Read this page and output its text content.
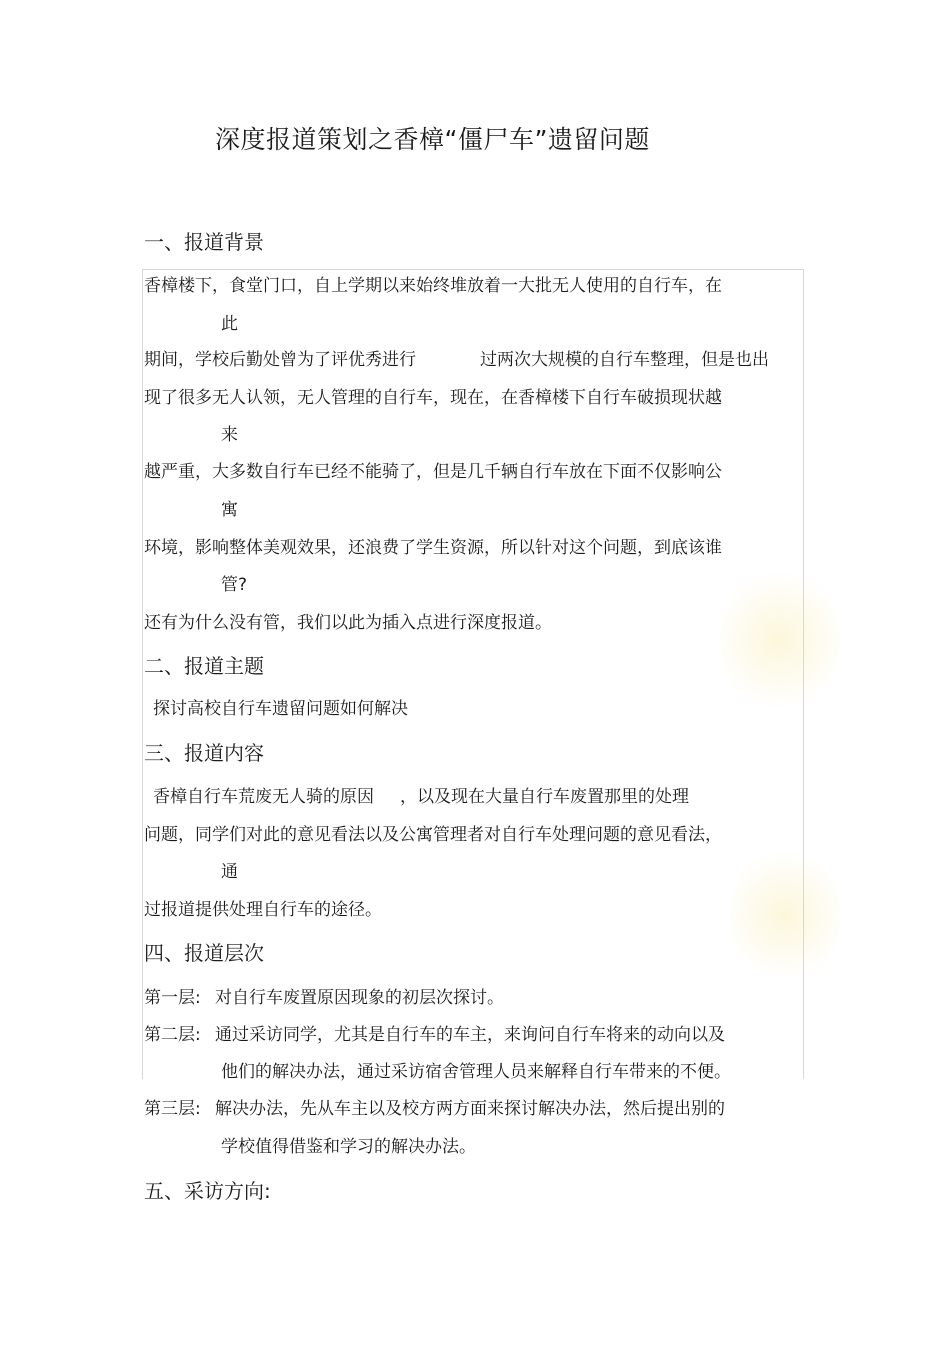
深度报道策划之香樟“僵尸车”遗留问题
一、报道背景
香樟楼下，食堂门口，自上学期以来始终堆放着一大批无人使用的自行车，在
此
期间，学校后勤处曾为了评优秀进行	过两次大规模的自行车整理，但是也出
现了很多无人认领，无人管理的自行车，现在，在香樟楼下自行车破损现状越
来
越严重，大多数自行车已经不能骑了，但是几千辆自行车放在下面不仅影响公
寓
环境，影响整体美观效果，还浪费了学生资源，所以针对这个问题，到底该谁
管?
还有为什么没有管，我们以此为插入点进行深度报道。
二、报道主题
探讨高校自行车遗留问题如何解决
三、报道内容
香樟自行车荒废无人骑的原因 ，以及现在大量自行车废置那里的处理
问题，同学们对此的意见看法以及公寓管理者对自行车处理问题的意见看法，
通
过报道提供处理自行车的途径。
四、报道层次
第一层: 对自行车废置原因现象的初层次探讨。
第二层: 通过采访同学，尤其是自行车的车主，来询问自行车将来的动向以及
他们的解决办法，通过采访宿舍管理人员来解释自行车带来的不便。
第三层: 解决办法，先从车主以及校方两方面来探讨解决办法，然后提出别的
学校值得借鉴和学习的解决办法。
五、采访方向:
